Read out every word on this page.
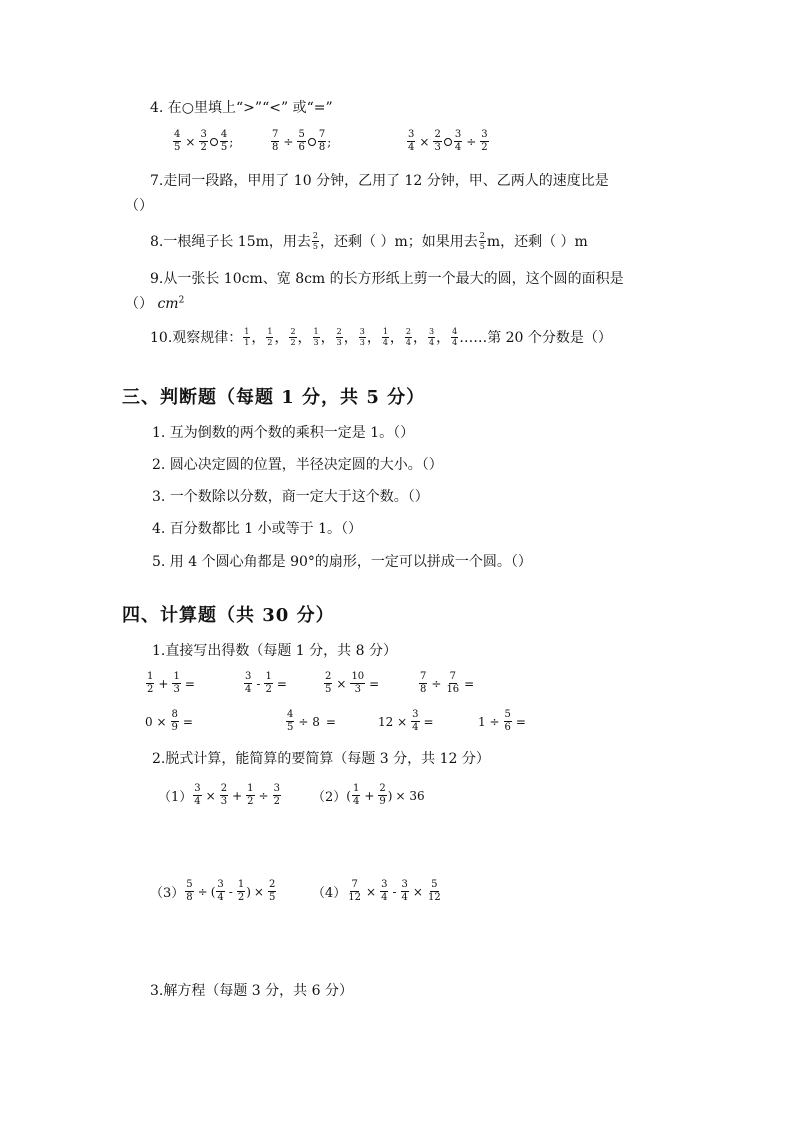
4. 在○里填上“>”“<” 或“=”
$\frac{4}{5} \times \frac{3}{2} \frac{4}{5}$ ;	$\frac{7}{8} \div \frac{5}{6} \frac{7}{8}$ ;	$\frac{3}{4} \times \frac{2}{3} \frac{3}{4} \div \frac{3}{2}$
7.走同一段路，甲用了 10 分钟，乙用了 12 分钟，甲、乙两人的速度比是
（）
8.一根绳子长 15m，用去 $\frac{2}{5}$ ，还剩（ ）m；如果用去 $\frac{2}{5}$ m，还剩（ ）m
9.从一张长 10cm、宽 8cm 的长方形纸上剪一个最大的圆，这个圆的面积是
（） $cm^2$
10.观察规律： $\frac{1}{1}$ ， $\frac{1}{2}$ ， $\frac{2}{2}$ ， $\frac{1}{3}$ ， $\frac{2}{3}$ ， $\frac{3}{3}$ ， $\frac{1}{4}$ ， $\frac{2}{4}$ ， $\frac{3}{4}$ ， $\frac{4}{4}$ ……第 20 个分数是（）
三、判断题（每题 1 分，共 5 分）
1. 互为倒数的两个数的乘积一定是 1。（）
2. 圆心决定圆的位置，半径决定圆的大小。（）
3. 一个数除以分数，商一定大于这个数。（）
4. 百分数都比 1 小或等于 1。（）
5. 用 4 个圆心角都是 90°的扇形，一定可以拼成一个圆。（）
四、计算题（共 30 分）
1.直接写出得数（每题 1 分，共 8 分）
$\frac{1}{2} + \frac{1}{3}$ =	$\frac{3}{4} - \frac{1}{2}$ =	$\frac{2}{5} \times \frac{10}{3}$ =	$\frac{7}{8} \div \frac{7}{16}$ =
$0 \times \frac{8}{9}$ =	$\frac{4}{5} \div 8$ =	$12 \times \frac{3}{4}$ =	$1 \div \frac{5}{6}$ =
2.脱式计算，能简算的要简算（每题 3 分，共 12 分）
$(1) \frac{3}{4} \times \frac{2}{3} + \frac{1}{2} \div \frac{3}{2} (2)$ ( $\frac{1}{4} + \frac{2}{9}$ ) × 36
$(3) \frac{5}{8}$ ÷ ( $\frac{3}{4} - \frac{1}{2}$ ) × $\frac{2}{5}$	$(4) \frac{7}{12} \times \frac{3}{4} - \frac{3}{4} \times \frac{5}{12}$
3.解方程（每题 3 分，共 6 分）
